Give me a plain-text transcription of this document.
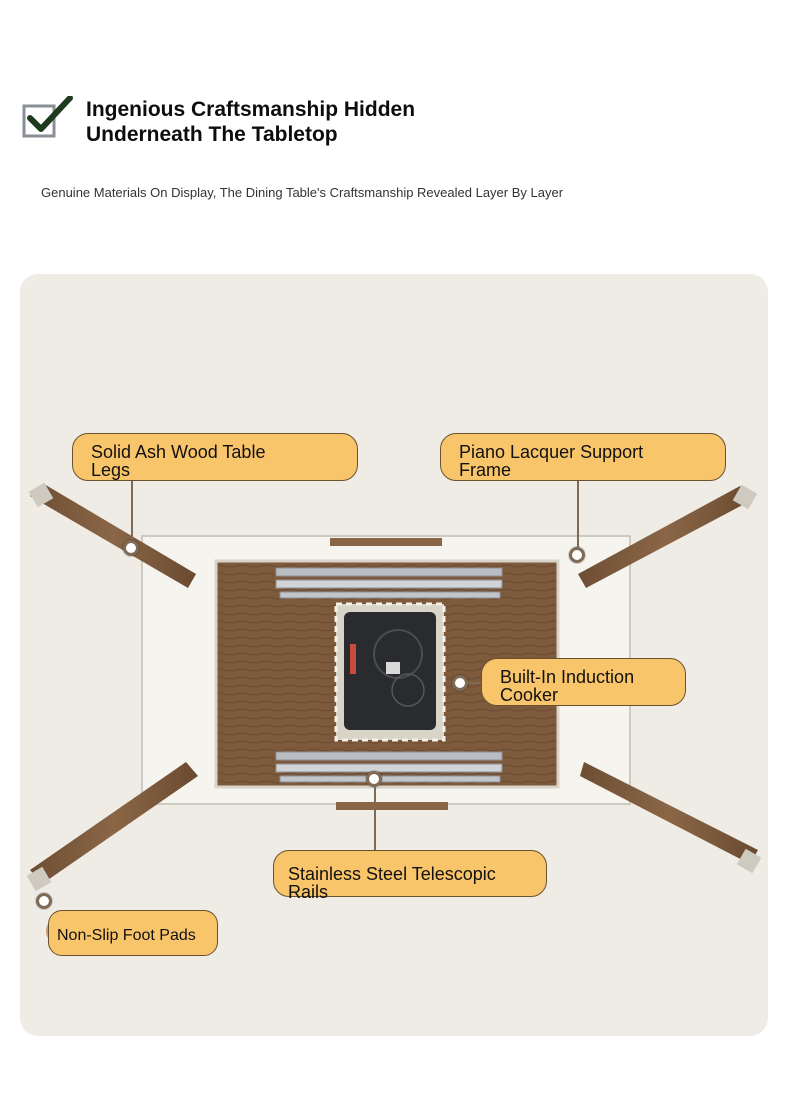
Ingenious Craftsmanship Hidden
Underneath The Tabletop

Genuine Materials On Display, The Dining Table's Craftsmanship Revealed Layer By Layer

Solid Ash Wood Table
Legs
Piano Lacquer Support
Frame
Built-In Induction
Cooker
Stainless Steel Telescopic Rails
Non-Slip Foot Pads
